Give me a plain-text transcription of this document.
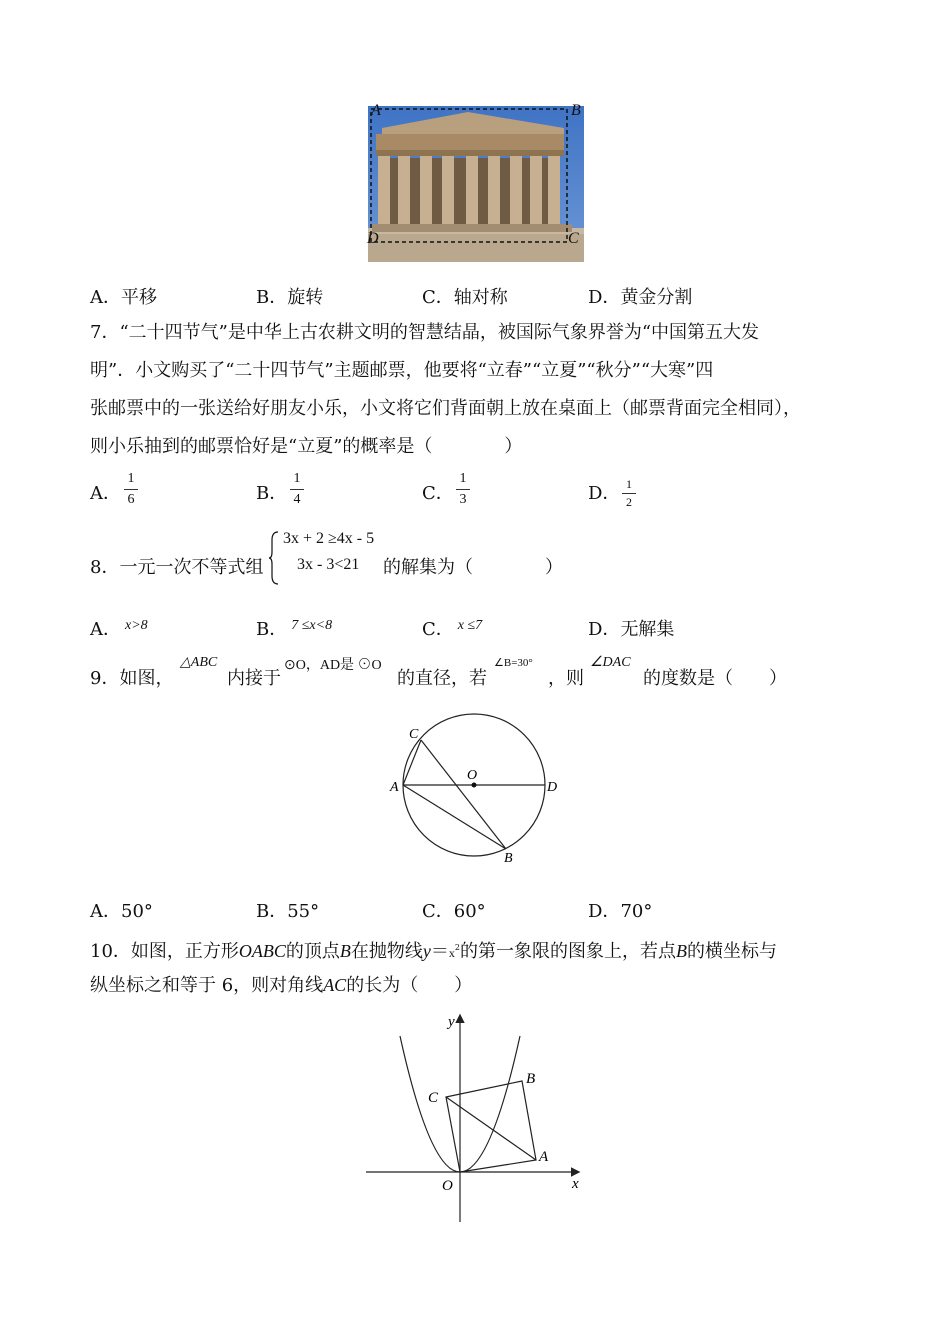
A	B
D	C
A．平移	B．旋转	C．轴对称	D．黄金分割
7．“二十四节气”是中华上古农耕文明的智慧结晶，被国际气象界誉为“中国第五大发
明”．小文购买了“二十四节气”主题邮票，他要将“立春”“立夏”“秋分”“大寒”四
张邮票中的一张送给好朋友小乐，小文将它们背面朝上放在桌面上（邮票背面完全相同），
则小乐抽到的邮票恰好是“立夏”的概率是（　　　　）
A．
1
6	B．
1
4	C．
1
3	D． 1
2
8．一元一次不等式组
3x + 2 ≥4x - 5
3x - 3<21 的解集为（　　　　）
A． $^{x>8}$	B． $^{7 \le x<8}$	C． $^{x \le 7}$	D．无解集
9．如图，
△ABC
内接于
⊙O，AD是 ⊙O
的直径，若
∠B=30°
，则
∠DAC
的度数是（　　）
C
A
O
D
B
A．50°	B．55°	C．60°	D．70°
10．如图，正方形OABC的顶点B在抛物线$y=x^2$的第一象限的图象上，若点B的横坐标与
纵坐标之和等于 6，则对角线AC的长为（　　）
y
x
O
A
B
C
